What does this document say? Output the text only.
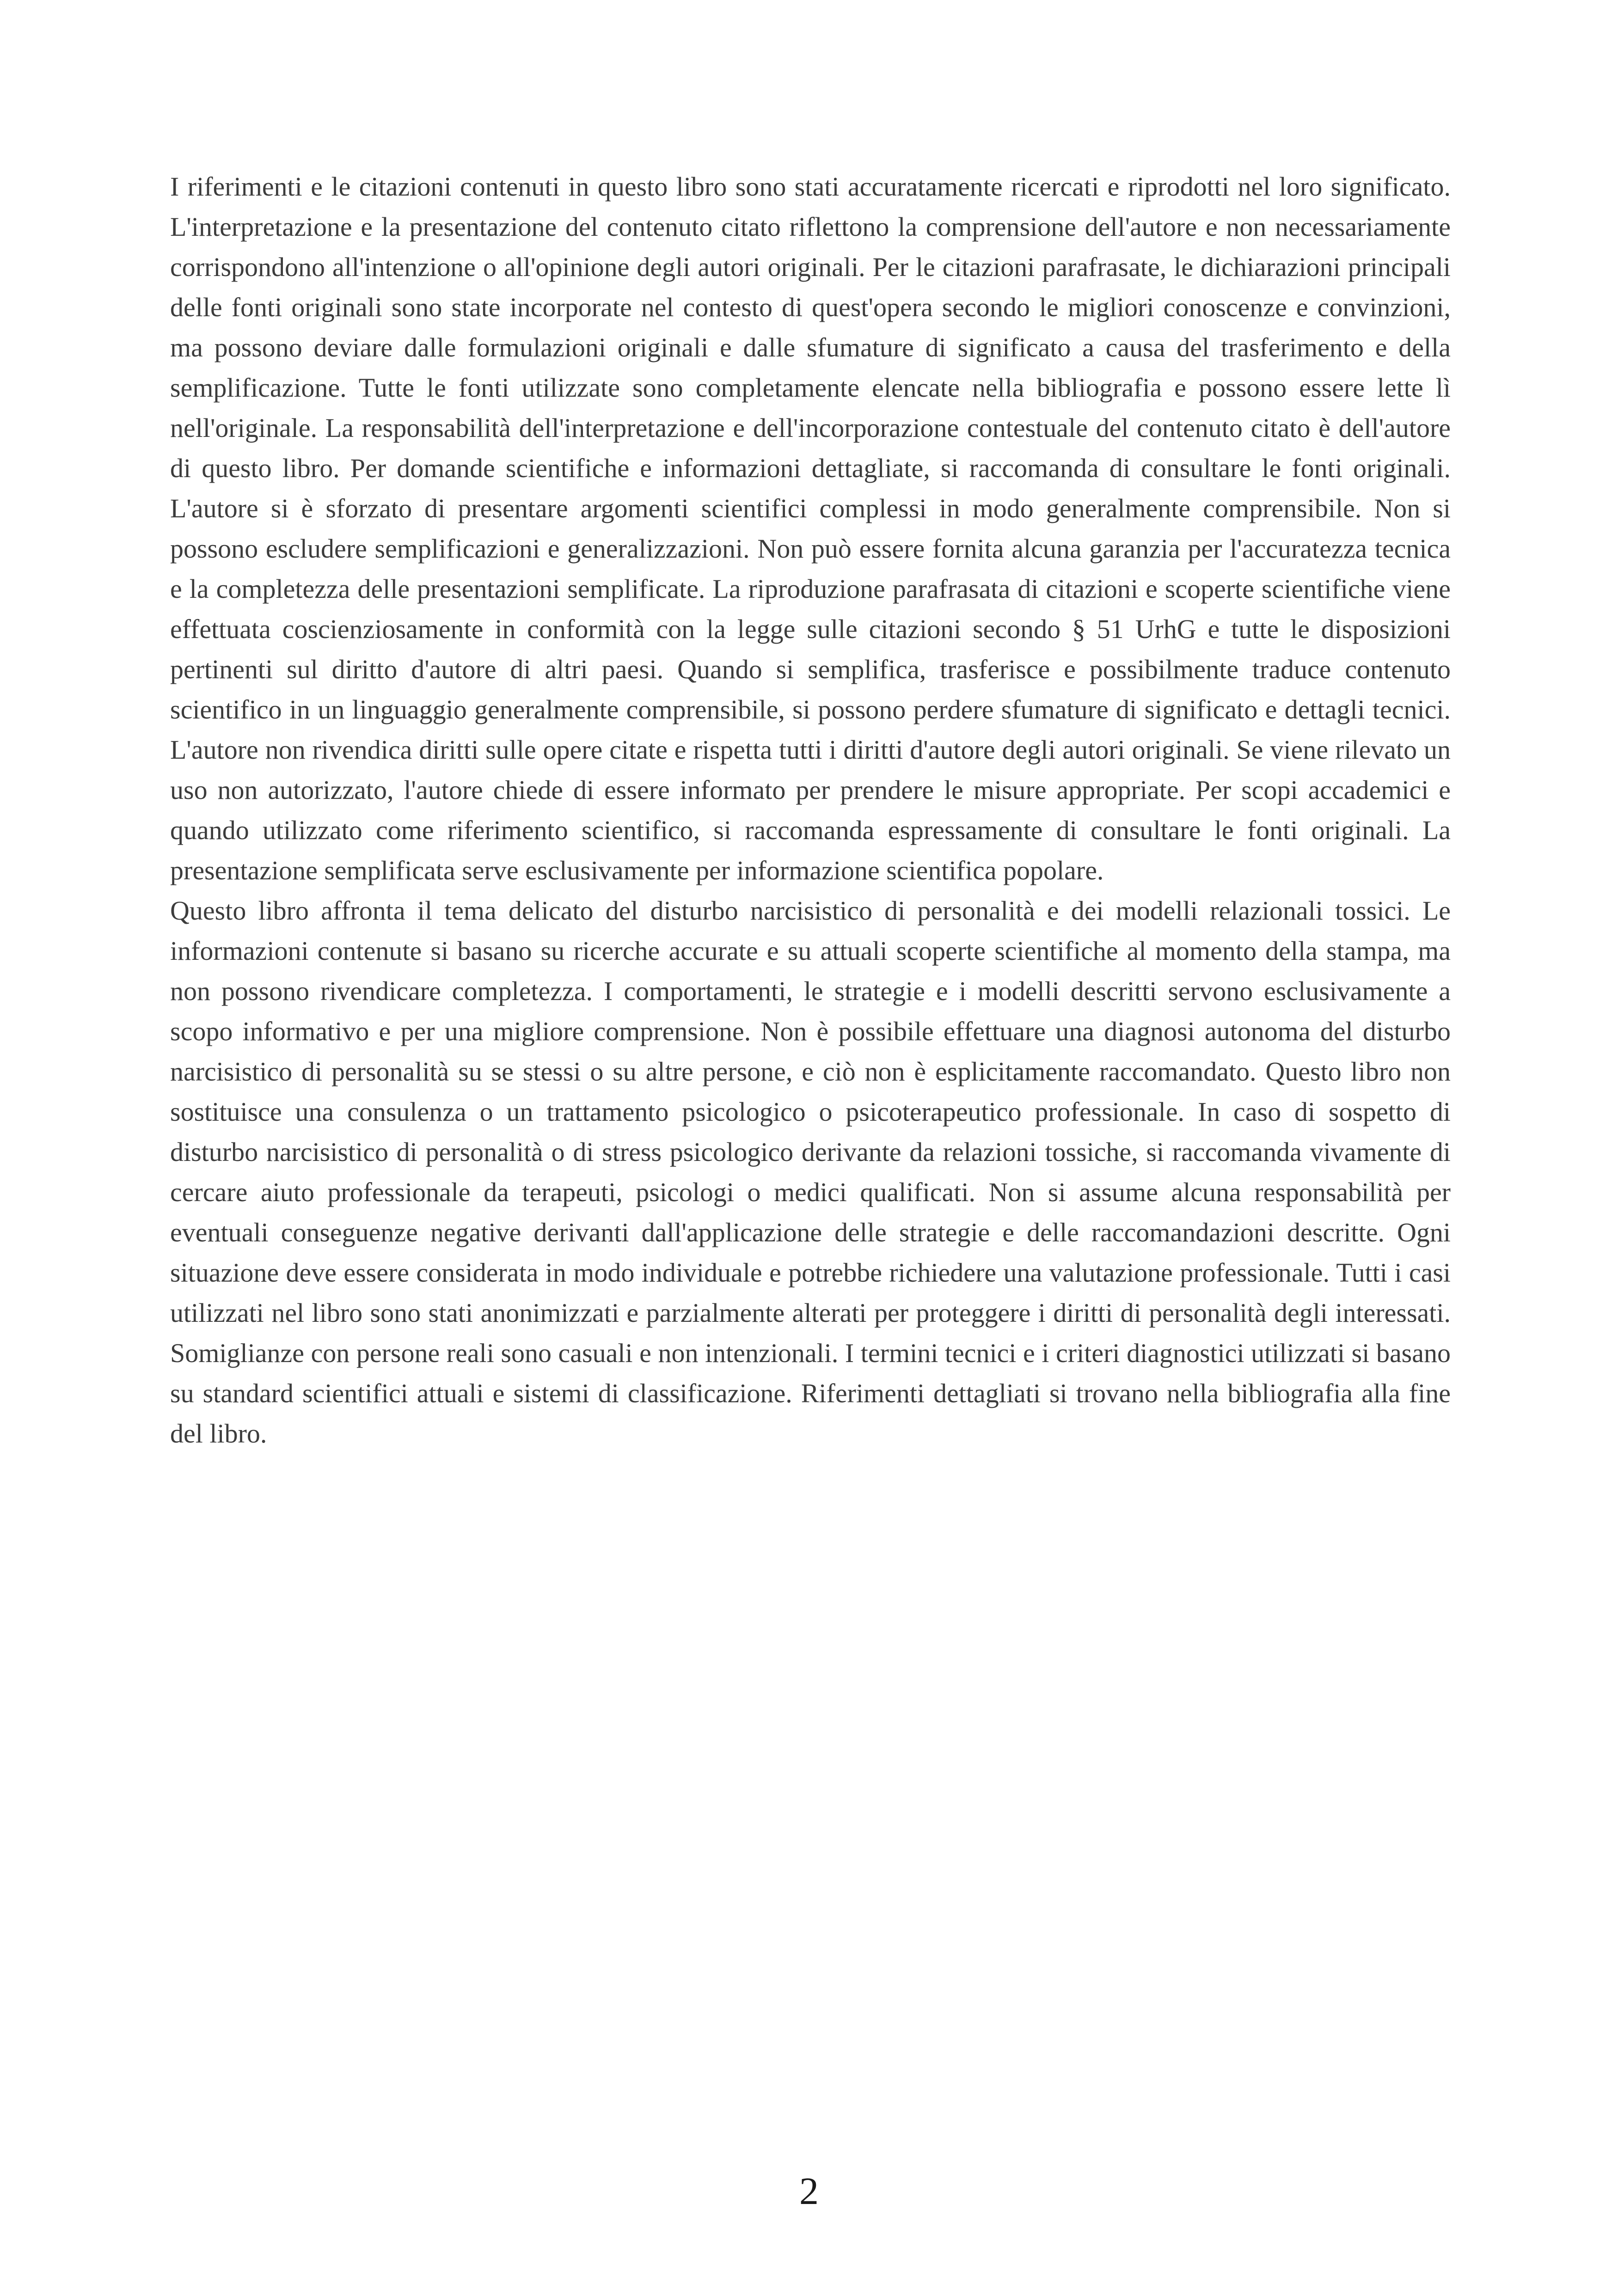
I riferimenti e le citazioni contenuti in questo libro sono stati accuratamente ricercati e riprodotti nel loro significato. L'interpretazione e la presentazione del contenuto citato riflettono la comprensione dell'autore e non necessariamente corrispondono all'intenzione o all'opinione degli autori originali. Per le citazioni parafrasate, le dichiarazioni principali delle fonti originali sono state incorporate nel contesto di quest'opera secondo le migliori conoscenze e convinzioni, ma possono deviare dalle formulazioni originali e dalle sfumature di significato a causa del trasferimento e della semplificazione. Tutte le fonti utilizzate sono completamente elencate nella bibliografia e possono essere lette lì nell'originale. La responsabilità dell'interpretazione e dell'incorporazione contestuale del contenuto citato è dell'autore di questo libro. Per domande scientifiche e informazioni dettagliate, si raccomanda di consultare le fonti originali. L'autore si è sforzato di presentare argomenti scientifici complessi in modo generalmente comprensibile. Non si possono escludere semplificazioni e generalizzazioni. Non può essere fornita alcuna garanzia per l'accuratezza tecnica e la completezza delle presentazioni semplificate. La riproduzione parafrasata di citazioni e scoperte scientifiche viene effettuata coscienziosamente in conformità con la legge sulle citazioni secondo § 51 UrhG e tutte le disposizioni pertinenti sul diritto d'autore di altri paesi. Quando si semplifica, trasferisce e possibilmente traduce contenuto scientifico in un linguaggio generalmente comprensibile, si possono perdere sfumature di significato e dettagli tecnici. L'autore non rivendica diritti sulle opere citate e rispetta tutti i diritti d'autore degli autori originali. Se viene rilevato un uso non autorizzato, l'autore chiede di essere informato per prendere le misure appropriate. Per scopi accademici e quando utilizzato come riferimento scientifico, si raccomanda espressamente di consultare le fonti originali. La presentazione semplificata serve esclusivamente per informazione scientifica popolare.

Questo libro affronta il tema delicato del disturbo narcisistico di personalità e dei modelli relazionali tossici. Le informazioni contenute si basano su ricerche accurate e su attuali scoperte scientifiche al momento della stampa, ma non possono rivendicare completezza. I comportamenti, le strategie e i modelli descritti servono esclusivamente a scopo informativo e per una migliore comprensione. Non è possibile effettuare una diagnosi autonoma del disturbo narcisistico di personalità su se stessi o su altre persone, e ciò non è esplicitamente raccomandato. Questo libro non sostituisce una consulenza o un trattamento psicologico o psicoterapeutico professionale. In caso di sospetto di disturbo narcisistico di personalità o di stress psicologico derivante da relazioni tossiche, si raccomanda vivamente di cercare aiuto professionale da terapeuti, psicologi o medici qualificati. Non si assume alcuna responsabilità per eventuali conseguenze negative derivanti dall'applicazione delle strategie e delle raccomandazioni descritte. Ogni situazione deve essere considerata in modo individuale e potrebbe richiedere una valutazione professionale. Tutti i casi utilizzati nel libro sono stati anonimizzati e parzialmente alterati per proteggere i diritti di personalità degli interessati. Somiglianze con persone reali sono casuali e non intenzionali. I termini tecnici e i criteri diagnostici utilizzati si basano su standard scientifici attuali e sistemi di classificazione. Riferimenti dettagliati si trovano nella bibliografia alla fine del libro.

2
